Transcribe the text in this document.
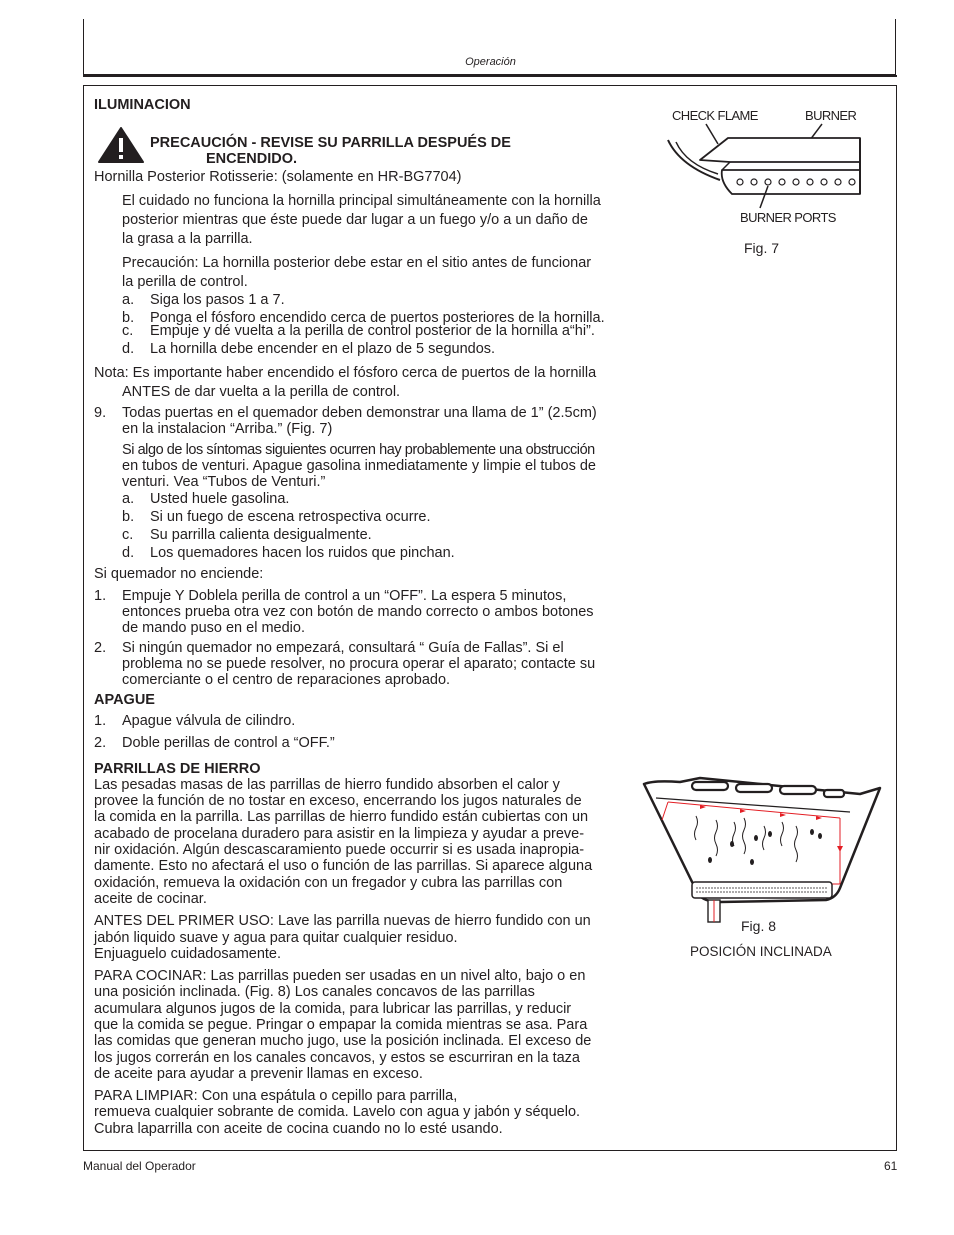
Operación
ILUMINACION
PRECAUCIÓN - REVISE SU PARRILLA DESPUÉS DE
ENCENDIDO.
Hornilla Posterior Rotisserie: (solamente en HR-BG7704)
El cuidado no funciona la hornilla principal simultáneamente con la hornilla
posterior mientras que éste puede dar lugar a un fuego y/o a un daño de
la grasa a la parrilla.
Precaución: La hornilla posterior debe estar en el sitio antes de funcionar
la perilla de control.
a. Siga los pasos 1 a 7.
b. Ponga el fósforo encendido cerca de puertos posteriores de la hornilla.
c. Empuje y dé vuelta a la perilla de control posterior de la hornilla a“hi”.
d. La hornilla debe encender en el plazo de 5 segundos.
Nota: Es importante haber encendido el fósforo cerca de puertos de la hornilla
ANTES de dar vuelta a la perilla de control.
9. Todas puertas en el quemador deben demonstrar una llama de 1” (2.5cm)
en la instalacion “Arriba.” (Fig. 7)
Si algo de los síntomas siguientes ocurren hay probablemente una obstrucción
en tubos de venturi. Apague gasolina inmediatamente y limpie el tubos de
venturi. Vea “Tubos de Venturi.”
a. Usted huele gasolina.
b. Si un fuego de escena retrospectiva ocurre.
c. Su parrilla calienta desigualmente.
d. Los quemadores hacen los ruidos que pinchan.
Si quemador no enciende:
1. Empuje Y Doblela perilla de control a un “OFF”. La espera 5 minutos,
entonces prueba otra vez con botón de mando correcto o ambos botones
de mando puso en el medio.
2. Si ningún quemador no empezará, consultará “ Guía de Fallas”. Si el
problema no se puede resolver, no procura operar el aparato; contacte su
comerciante o el centro de reparaciones aprobado.
APAGUE
1. Apague válvula de cilindro.
2. Doble perillas de control a “OFF.”
PARRILLAS DE HIERRO
Las pesadas masas de las parrillas de hierro fundido absorben el calor y
provee la función de no tostar en exceso, encerrando los jugos naturales de
la comida en la parrilla. Las parrillas de hierro fundido están cubiertas con un
acabado de procelana duradero para asistir en la limpieza y ayudar a preve-
nir oxidación. Algún descascaramiento puede occurrir si es usada inapropia-
damente. Esto no afectará el uso o función de las parrillas. Si aparece alguna
oxidación, remueva la oxidación con un fregador y cubra las parrillas con
aceite de cocinar.
ANTES DEL PRIMER USO: Lave las parrilla nuevas de hierro fundido con un
jabón liquido suave y agua para quitar cualquier residuo.
Enjuaguelo cuidadosamente.
PARA COCINAR: Las parrillas pueden ser usadas en un nivel alto, bajo o en
una posición inclinada. (Fig. 8) Los canales concavos de las parrillas
acumulara algunos jugos de la comida, para lubricar las parrillas, y reducir
que la comida se pegue. Pringar o empapar la comida mientras se asa. Para
las comidas que generan mucho jugo, use la posición inclinada. El exceso de
los jugos correrán en los canales concavos, y estos se escurriran en la taza
de aceite para ayudar a prevenir llamas en exceso.
PARA LIMPIAR: Con una espátula o cepillo para parrilla,
remueva cualquier sobrante de comida. Lavelo con agua y jabón y séquelo.
Cubra laparrilla con aceite de cocina cuando no lo esté usando.
CHECK FLAME	BURNER
BURNER PORTS
Fig. 7
Fig. 8
POSICIÓN INCLINADA
Manual del Operador	61
